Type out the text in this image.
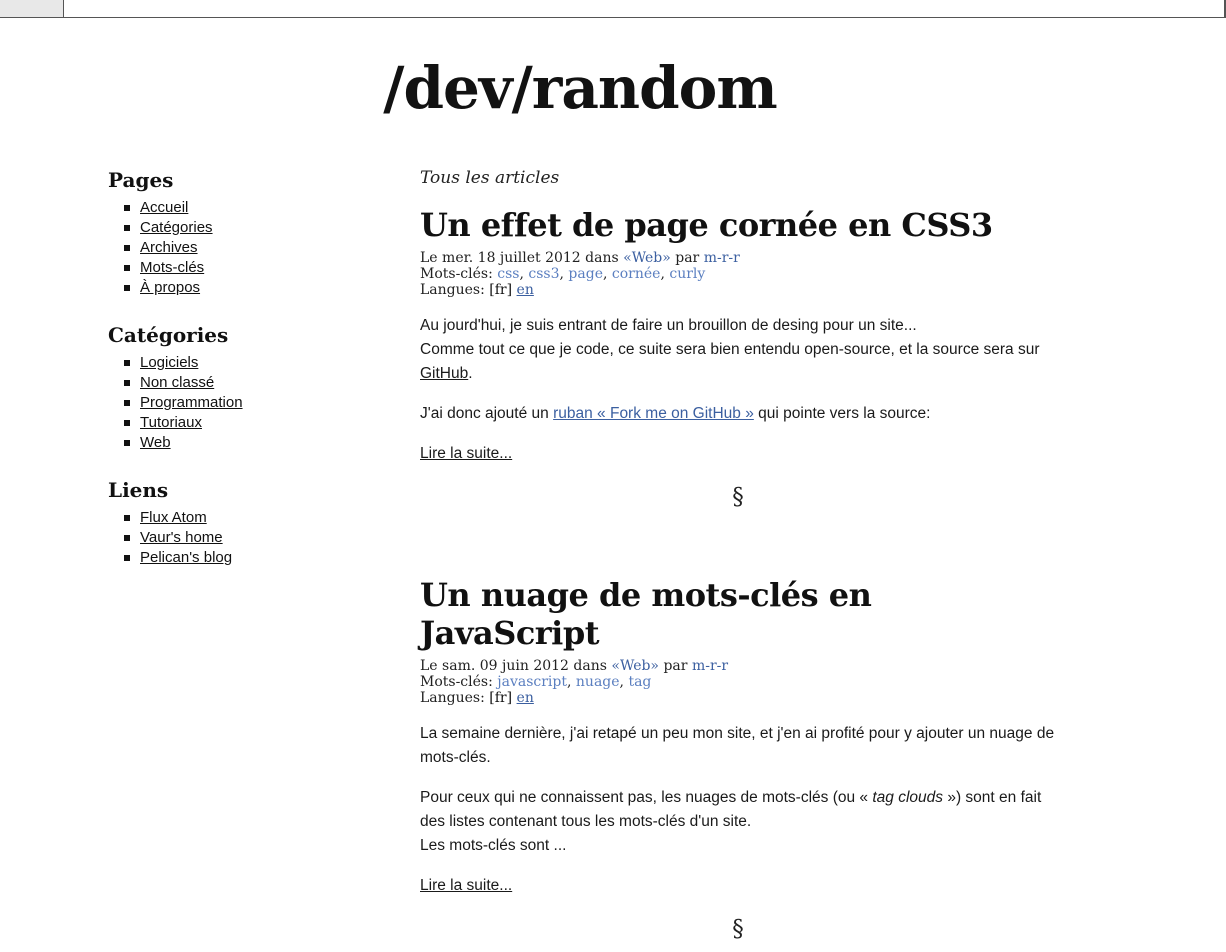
/dev/random
Pages
Accueil
Catégories
Archives
Mots-clés
À propos
Catégories
Logiciels
Non classé
Programmation
Tutoriaux
Web
Liens
Flux Atom
Vaur's home
Pelican's blog
Tous les articles
Un effet de page cornée en CSS3
Le mer. 18 juillet 2012 dans «Web» par m-r-r
Mots-clés: css, css3, page, cornée, curly
Langues: [fr] en

Au jourd'hui, je suis entrant de faire un brouillon de desing pour un site...
Comme tout ce que je code, ce suite sera bien entendu open-source, et la source sera sur GitHub.

J'ai donc ajouté un ruban « Fork me on GitHub » qui pointe vers la source:

Lire la suite...
§
Un nuage de mots-clés en JavaScript
Le sam. 09 juin 2012 dans «Web» par m-r-r
Mots-clés: javascript, nuage, tag
Langues: [fr] en

La semaine dernière, j'ai retapé un peu mon site, et j'en ai profité pour y ajouter un nuage de mots-clés.

Pour ceux qui ne connaissent pas, les nuages de mots-clés (ou « tag clouds ») sont en fait des listes contenant tous les mots-clés d'un site.
Les mots-clés sont ...

Lire la suite...
§
